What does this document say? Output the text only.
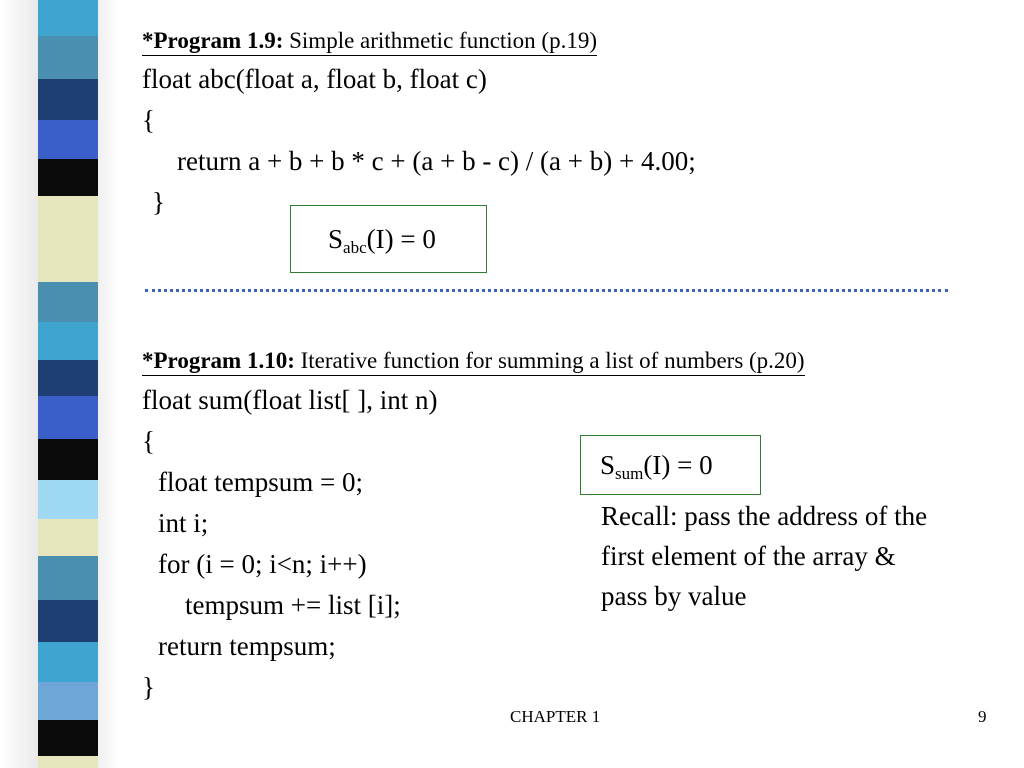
*Program 1.9: Simple arithmetic function (p.19)
float abc(float a, float b, float c)
{
return a + b + b * c + (a + b - c) / (a + b) + 4.00;
}
$S_{abc}(I) = 0$
*Program 1.10: Iterative function for summing a list of numbers (p.20)
float sum(float list[ ], int n)
{
float tempsum = 0;
int i;
for (i = 0; i<n; i++)
tempsum += list [i];
return tempsum;
}
$S_{sum}(I) = 0$
Recall: pass the address of the
first element of the array &
pass by value
CHAPTER 1	9
